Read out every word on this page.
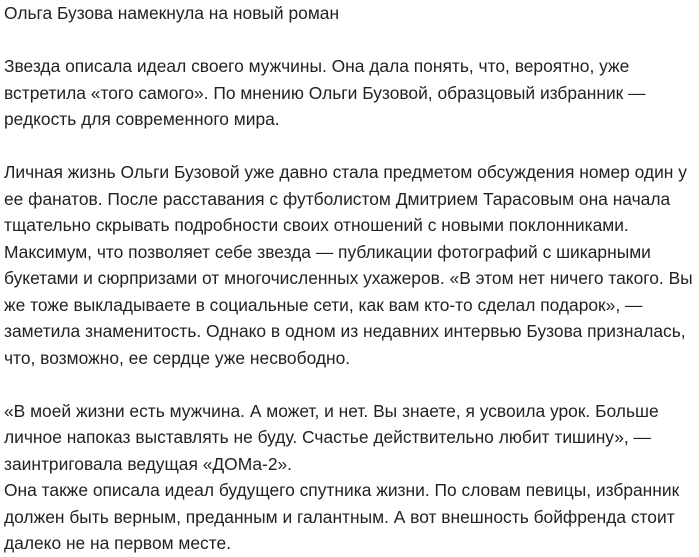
Ольга Бузова намекнула на новый роман

Звезда описала идеал своего мужчины. Она дала понять, что, вероятно, уже встретила «того самого». По мнению Ольги Бузовой, образцовый избранник — редкость для современного мира.

Личная жизнь Ольги Бузовой уже давно стала предметом обсуждения номер один у ее фанатов. После расставания с футболистом Дмитрием Тарасовым она начала тщательно скрывать подробности своих отношений с новыми поклонниками. Максимум, что позволяет себе звезда — публикации фотографий с шикарными букетами и сюрпризами от многочисленных ухажеров. «В этом нет ничего такого. Вы же тоже выкладываете в социальные сети, как вам кто-то сделал подарок», — заметила знаменитость. Однако в одном из недавних интервью Бузова призналась, что, возможно, ее сердце уже несвободно.

«В моей жизни есть мужчина. А может, и нет. Вы знаете, я усвоила урок. Больше личное напоказ выставлять не буду. Счастье действительно любит тишину», — заинтриговала ведущая «ДОМа-2».

Она также описала идеал будущего спутника жизни. По словам певицы, избранник должен быть верным, преданным и галантным. А вот внешность бойфренда стоит далеко не на первом месте.
